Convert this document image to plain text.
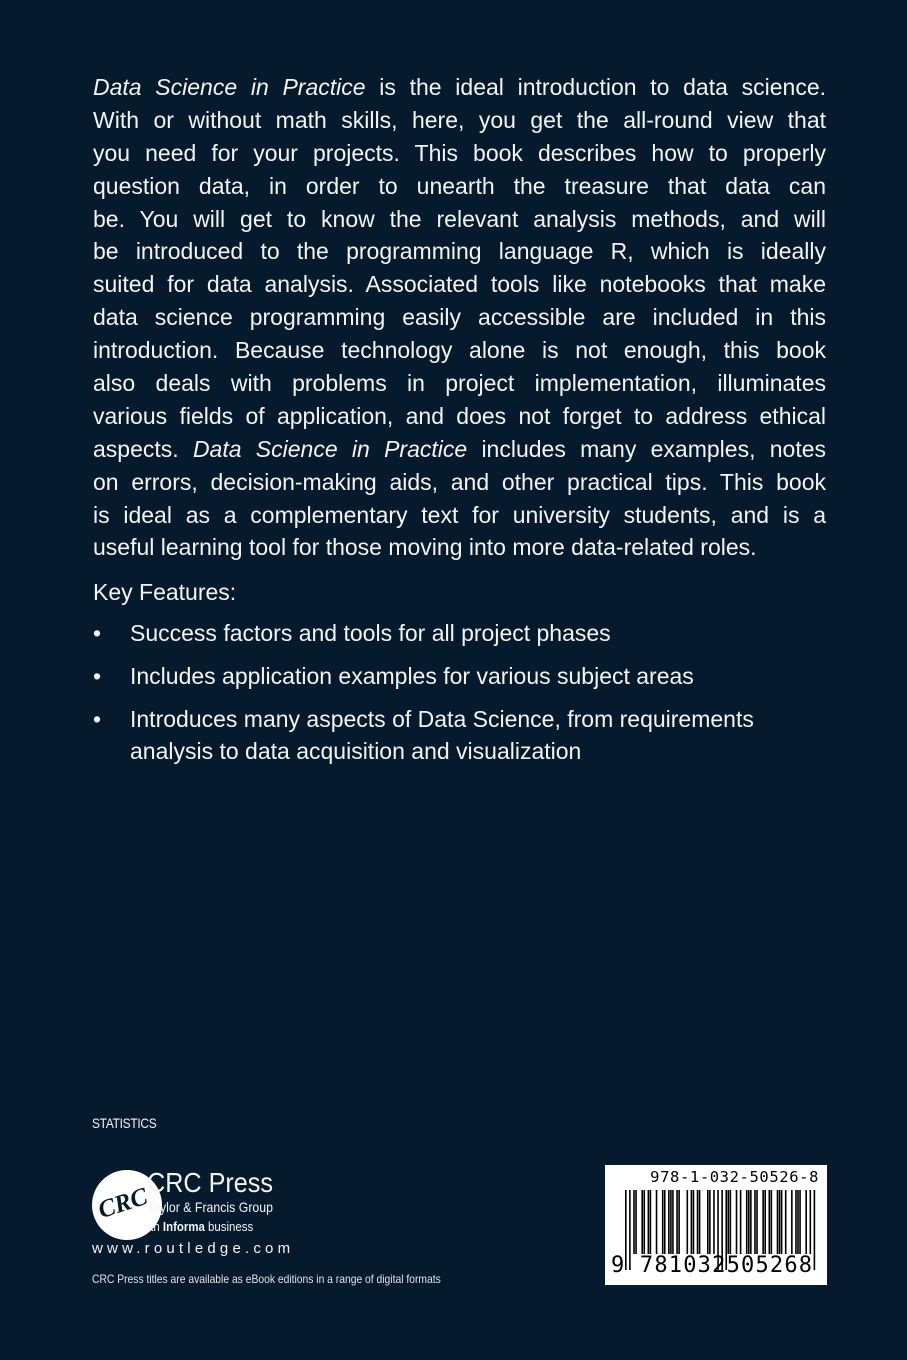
Data Science in Practice is the ideal introduction to data science.
With or without math skills, here, you get the all-round view that
you need for your projects. This book describes how to properly
question data, in order to unearth the treasure that data can
be. You will get to know the relevant analysis methods, and will
be introduced to the programming language R, which is ideally
suited for data analysis. Associated tools like notebooks that make
data science programming easily accessible are included in this
introduction. Because technology alone is not enough, this book
also deals with problems in project implementation, illuminates
various fields of application, and does not forget to address ethical
aspects. Data Science in Practice includes many examples, notes
on errors, decision-making aids, and other practical tips. This book
is ideal as a complementary text for university students, and is a
useful learning tool for those moving into more data-related roles.
Key Features:
• Success factors and tools for all project phases
• Includes application examples for various subject areas
• Introduces many aspects of Data Science, from requirements
analysis to data acquisition and visualization
STATISTICS
CRC
CRC Press
Taylor & Francis Group
an Informa business
www.routledge.com
CRC Press titles are available as eBook editions in a range of digital formats
978-1-032-50526-8
9 781032505268
